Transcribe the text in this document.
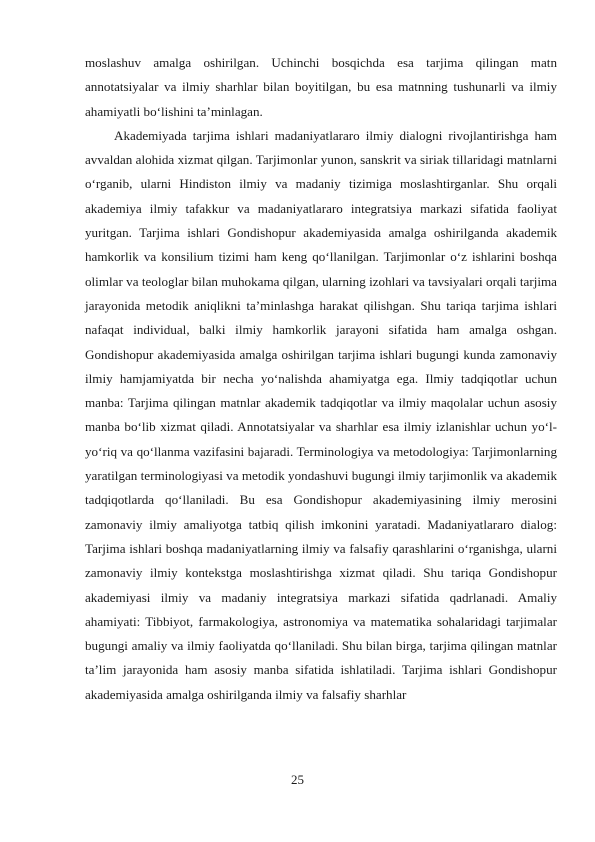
moslashuv amalga oshirilgan. Uchinchi bosqichda esa tarjima qilingan matn annotatsiyalar va ilmiy sharhlar bilan boyitilgan, bu esa matnning tushunarli va ilmiy ahamiyatli bo‘lishini ta’minlagan.

Akademiyada tarjima ishlari madaniyatlararo ilmiy dialogni rivojlantirishga ham avvaldan alohida xizmat qilgan. Tarjimonlar yunon, sanskrit va siriak tillaridagi matnlarni o‘rganib, ularni Hindiston ilmiy va madaniy tizimiga moslashtirganlar. Shu orqali akademiya ilmiy tafakkur va madaniyatlararo integratsiya markazi sifatida faoliyat yuritgan. Tarjima ishlari Gondishopur akademiyasida amalga oshirilganda akademik hamkorlik va konsilium tizimi ham keng qo‘llanilgan. Tarjimonlar o‘z ishlarini boshqa olimlar va teologlar bilan muhokama qilgan, ularning izohlari va tavsiyalari orqali tarjima jarayonida metodik aniqlikni ta’minlashga harakat qilishgan. Shu tariqa tarjima ishlari nafaqat individual, balki ilmiy hamkorlik jarayoni sifatida ham amalga oshgan. Gondishopur akademiyasida amalga oshirilgan tarjima ishlari bugungi kunda zamonaviy ilmiy hamjamiyatda bir necha yo‘nalishda ahamiyatga ega. Ilmiy tadqiqotlar uchun manba: Tarjima qilingan matnlar akademik tadqiqotlar va ilmiy maqolalar uchun asosiy manba bo‘lib xizmat qiladi. Annotatsiyalar va sharhlar esa ilmiy izlanishlar uchun yo‘l-yo‘riq va qo‘llanma vazifasini bajaradi. Terminologiya va metodologiya: Tarjimonlarning yaratilgan terminologiyasi va metodik yondashuvi bugungi ilmiy tarjimonlik va akademik tadqiqotlarda qo‘llaniladi. Bu esa Gondishopur akademiyasining ilmiy merosini zamonaviy ilmiy amaliyotga tatbiq qilish imkonini yaratadi. Madaniyatlararo dialog: Tarjima ishlari boshqa madaniyatlarning ilmiy va falsafiy qarashlarini o‘rganishga, ularni zamonaviy ilmiy kontekstga moslashtirishga xizmat qiladi. Shu tariqa Gondishopur akademiyasi ilmiy va madaniy integratsiya markazi sifatida qadrlanadi. Amaliy ahamiyati: Tibbiyot, farmakologiya, astronomiya va matematika sohalaridagi tarjimalar bugungi amaliy va ilmiy faoliyatda qo‘llaniladi. Shu bilan birga, tarjima qilingan matnlar ta’lim jarayonida ham asosiy manba sifatida ishlatiladi. Tarjima ishlari Gondishopur akademiyasida amalga oshirilganda ilmiy va falsafiy sharhlar

25
